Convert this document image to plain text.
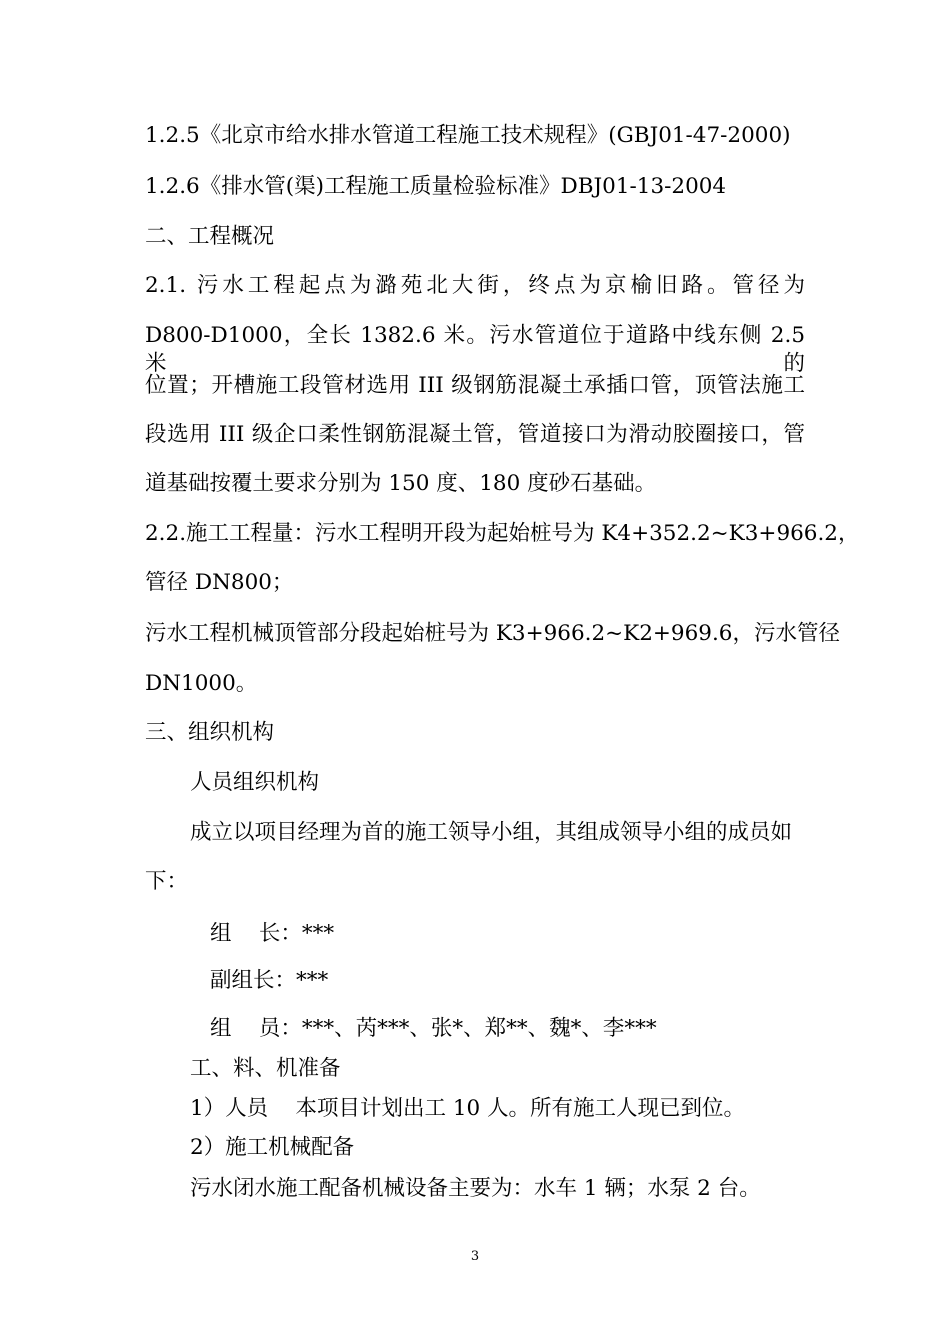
1.2.5《北京市给水排水管道工程施工技术规程》(GBJ01-47-2000)
1.2.6《排水管(渠)工程施工质量检验标准》DBJ01-13-2004
二、工程概况
2.1. 污水工程起点为潞苑北大街，终点为京榆旧路。管径为
D800-D1000，全长 1382.6 米。污水管道位于道路中线东侧 2.5 米的
位置；开槽施工段管材选用 III 级钢筋混凝土承插口管，顶管法施工
段选用 III 级企口柔性钢筋混凝土管，管道接口为滑动胶圈接口，管
道基础按覆土要求分别为 150 度、180 度砂石基础。
2.2.施工工程量：污水工程明开段为起始桩号为 K4+352.2~K3+966.2，
管径 DN800；
污水工程机械顶管部分段起始桩号为 K3+966.2~K2+969.6，污水管径
DN1000。
三、组织机构
人员组织机构
成立以项目经理为首的施工领导小组，其组成领导小组的成员如
下：
组    长：***
副组长：***
组    员：***、芮***、张*、郑**、魏*、李***
工、料、机准备
1）人员    本项目计划出工 10 人。所有施工人现已到位。
2）施工机械配备
污水闭水施工配备机械设备主要为：水车 1 辆；水泵 2 台。
3
